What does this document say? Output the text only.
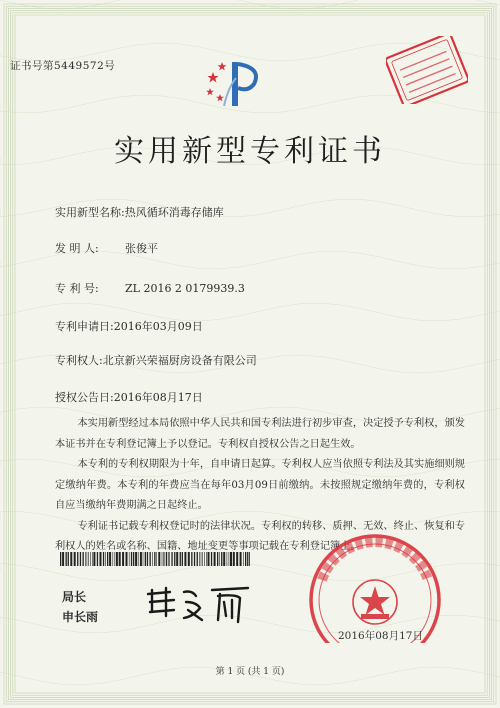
证书号第5449572号
实用新型专利证书
实用新型名称:热风循环消毒存储库
发 明 人: 张俊平
专 利 号: ZL 2016 2 0179939.3
专利申请日:2016年03月09日
专利权人:北京新兴荣福厨房设备有限公司
授权公告日:2016年08月17日

本实用新型经过本局依照中华人民共和国专利法进行初步审查，决定授予专利权，颁发本证书并在专利登记簿上予以登记。专利权自授权公告之日起生效。

本专利的专利权期限为十年，自申请日起算。专利权人应当依照专利法及其实施细则规定缴纳年费。本专利的年费应当在每年03月09日前缴纳。未按照规定缴纳年费的，专利权自应当缴纳年费期满之日起终止。

专利证书记载专利权登记时的法律状况。专利权的转移、质押、无效、终止、恢复和专利权人的姓名或名称、国籍、地址变更等事项记载在专利登记簿上。

局长
申长雨
2016年08月17日
第 1 页 (共 1 页)
